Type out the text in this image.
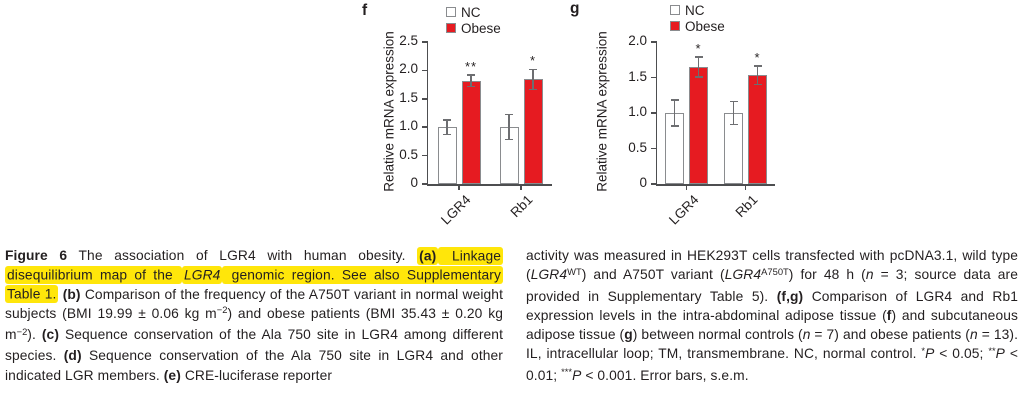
f
Relative mRNA expression
NC
Obese
0
0.5
1.0
1.5
2.0
2.5
LGR4	Rb1
**	*
g
Relative mRNA expression
NC
Obese
0
0.5
1.0
1.5
2.0
LGR4	Rb1
*
*
Figure 6 The association of LGR4 with human obesity. (a) Linkage disequilibrium map of the LGR4 genomic region. See also Supplementary Table 1. (b) Comparison of the frequency of the A750T variant in normal weight subjects (BMI 19.99 ± 0.06 kg $m^{-2}$) and obese patients (BMI 35.43 ± 0.20 kg $m^{-2}$). (c) Sequence conservation of the Ala 750 site in LGR4 among different species. (d) Sequence conservation of the Ala 750 site in LGR4 and other indicated LGR members. (e) CRE-luciferase reporter
activity was measured in HEK293T cells transfected with pcDNA3.1, wild type $(LGR4^{WT})$ and A750T variant $(LGR4^{A750T})$ for 48 h (n = 3; source data are provided in Supplementary Table 5). (f,g) Comparison of LGR4 and Rb1 expression levels in the intra-abdominal adipose tissue (f) and subcutaneous adipose tissue (g) between normal controls (n = 7) and obese patients (n = 13). IL, intracellular loop; TM, transmembrane. NC, normal control. *P < 0.05; **P < 0.01; ***P < 0.001. Error bars, s.e.m.
